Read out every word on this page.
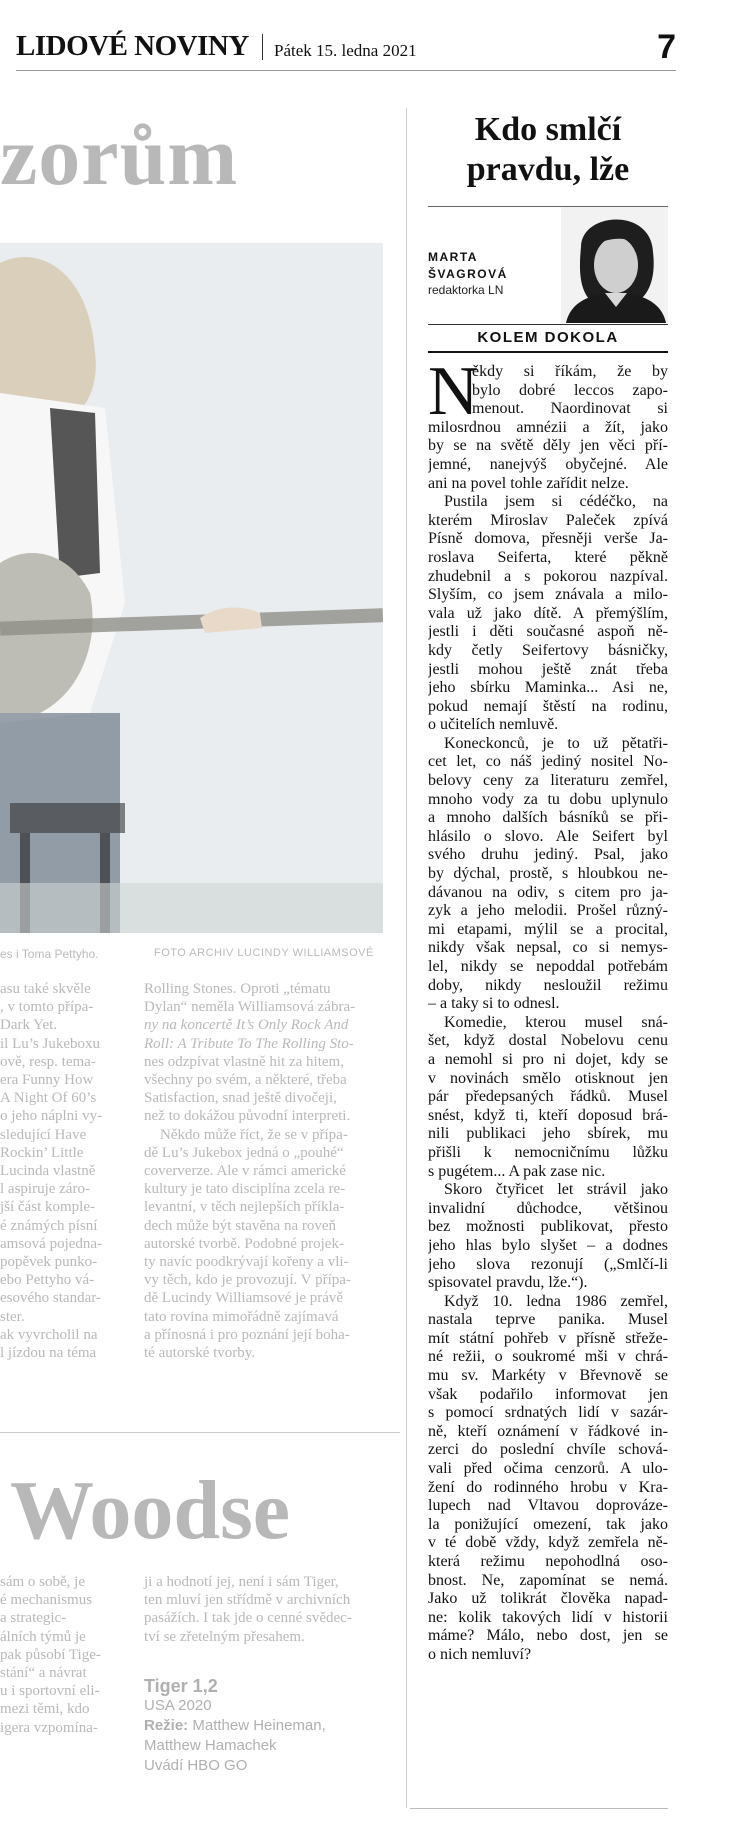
LIDOVÉ NOVINY Pátek 15. ledna 2021	7
zorům
es i Toma Pettyho.	FOTO ARCHIV LUCINDY WILLIAMSOVÉ

asu také skvěle

, v tomto přípa-

Dark Yet.

il Lu’s Jukeboxu

ově, resp. tema-

era Funny How

A Night Of 60’s

o jeho náplni vy-

sledující Have

Rockin’ Little

Lucinda vlastně

l aspiruje záro-

jší část komple-

é známých písní

amsová pojedna-

popěvek punko-

ebo Pettyho vá-

esového standar-

ster.

ak vyvrcholil na

l jízdou na téma

Rolling Stones. Oproti „tématu

Dylan“ neměla Williamsová zábra-

ny na koncertě It’s Only Rock And

Roll: A Tribute To The Rolling Sto-

nes odzpívat vlastně hit za hitem,

všechny po svém, a některé, třeba

Satisfaction, snad ještě divočeji,

než to dokážou původní interpreti.

Někdo může říct, že se v přípa-

dě Lu’s Jukebox jedná o „pouhé“

coververze. Ale v rámci americké

kultury je tato disciplína zcela re-

levantní, v těch nejlepších příkla-

dech může být stavěna na roveň

autorské tvorbě. Podobné projek-

ty navíc poodkrývají kořeny a vli-

vy těch, kdo je provozují. V přípa-

dě Lucindy Williamsové je právě

tato rovina mimořádně zajímavá

a přínosná i pro poznání její boha-

té autorské tvorby.

Woodse

sám o sobě, je

é mechanismus

a strategic-

álních týmů je

pak působí Tige-

stání“ a návrat

u i sportovní eli-

mezi těmi, kdo

igera vzpomína-

ji a hodnotí jej, není i sám Tiger,

ten mluví jen střídmě v archivních

pasážích. I tak jde o cenné svědec-

tví se zřetelným přesahem.

Tiger 1,2
USA 2020
Režie: Matthew Heineman,
Matthew Hamachek
Uvádí HBO GO
Kdo smlčí
pravdu, lže
MARTA
ŠVAGROVÁ
redaktorka LN
KOLEM DOKOLA
N
ěkdy si říkám, že by
bylo dobré leccos zapo-
menout. Naordinovat si
milosrdnou amnézii a žít, jako
by se na světě děly jen věci pří-
jemné, nanejvýš obyčejné. Ale
ani na povel tohle zařídit nelze.
Pustila jsem si cédéčko, na
kterém Miroslav Paleček zpívá
Písně domova, přesněji verše Ja-
roslava Seiferta, které pěkně
zhudebnil a s pokorou nazpíval.
Slyším, co jsem znávala a milo-
vala už jako dítě. A přemýšlím,
jestli i děti současné aspoň ně-
kdy četly Seifertovy básničky,
jestli mohou ještě znát třeba
jeho sbírku Maminka... Asi ne,
pokud nemají štěstí na rodinu,
o učitelích nemluvě.
Koneckonců, je to už pětatři-
cet let, co náš jediný nositel No-
belovy ceny za literaturu zemřel,
mnoho vody za tu dobu uplynulo
a mnoho dalších básníků se při-
hlásilo o slovo. Ale Seifert byl
svého druhu jediný. Psal, jako
by dýchal, prostě, s hloubkou ne-
dávanou na odiv, s citem pro ja-
zyk a jeho melodii. Prošel různý-
mi etapami, mýlil se a procital,
nikdy však nepsal, co si nemys-
lel, nikdy se nepoddal potřebám
doby, nikdy nesloužil režimu
– a taky si to odnesl.
Komedie, kterou musel sná-
šet, když dostal Nobelovu cenu
a nemohl si pro ni dojet, kdy se
v novinách smělo otisknout jen
pár předepsaných řádků. Musel
snést, když ti, kteří doposud brá-
nili publikaci jeho sbírek, mu
přišli k nemocničnímu lůžku
s pugétem... A pak zase nic.
Skoro čtyřicet let strávil jako
invalidní důchodce, většinou
bez možnosti publikovat, přesto
jeho hlas bylo slyšet – a dodnes
jeho slova rezonují („Smlčí-li
spisovatel pravdu, lže.“).
Když 10. ledna 1986 zemřel,
nastala teprve panika. Musel
mít státní pohřeb v přísně střeže-
né režii, o soukromé mši v chrá-
mu sv. Markéty v Břevnově se
však podařilo informovat jen
s pomocí srdnatých lidí v sazár-
ně, kteří oznámení v řádkové in-
zerci do poslední chvíle schová-
vali před očima cenzorů. A ulo-
žení do rodinného hrobu v Kra-
lupech nad Vltavou doprovázе-
la ponižující omezení, tak jako
v té době vždy, když zemřela ně-
která režimu nepohodlná oso-
bnost. Ne, zapomínat se nemá.
Jako už tolikrát člověka napad-
ne: kolik takových lidí v historii
máme? Málo, nebo dost, jen se
o nich nemluví?
